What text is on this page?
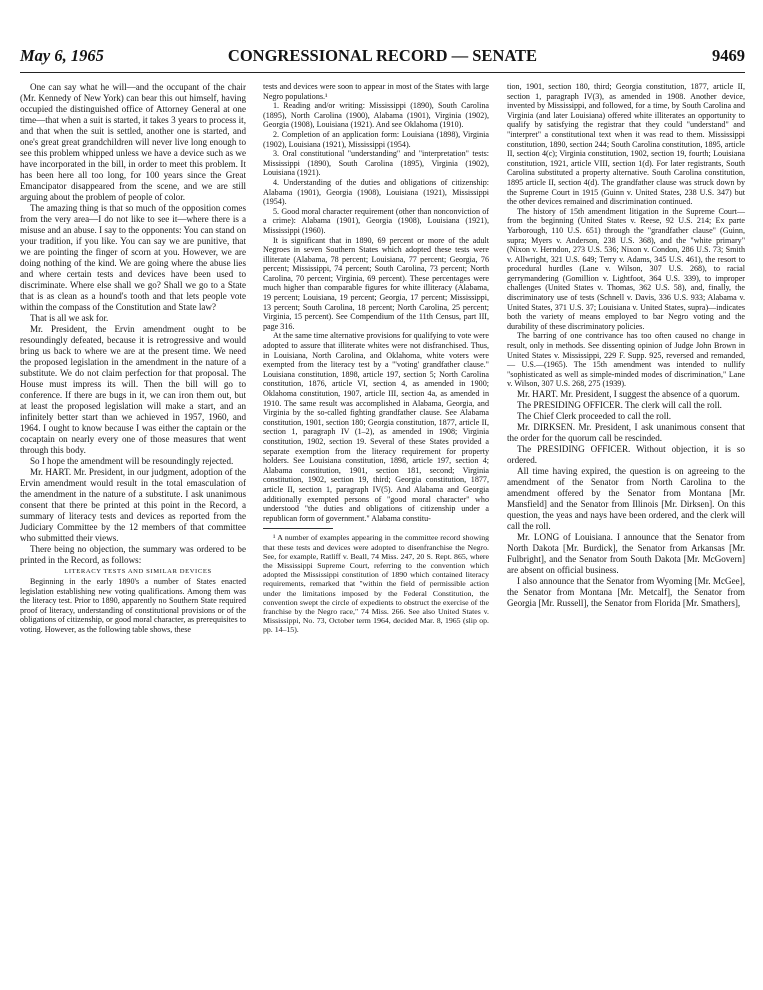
May 6, 1965	CONGRESSIONAL RECORD — SENATE	9469

One can say what he will—and the occupant of the chair (Mr. Kennedy of New York) can bear this out himself, having occupied the distinguished office of Attorney General at one time—that when a suit is started, it takes 3 years to process it, and that when the suit is settled, another one is started, and one's great great grandchildren will never live long enough to see this problem whipped unless we have a device such as we have incorporated in the bill, in order to meet this problem. It has been here all too long, for 100 years since the Great Emancipator disappeared from the scene, and we are still arguing about the problem of people of color.

The amazing thing is that so much of the opposition comes from the very area—I do not like to see it—where there is a misuse and an abuse. I say to the opponents: You can stand on your tradition, if you like. You can say we are punitive, that we are pointing the finger of scorn at you. However, we are doing nothing of the kind. We are going where the abuse lies and where certain tests and devices have been used to discriminate. Where else shall we go? Shall we go to a State that is as clean as a hound's tooth and that lets people vote within the compass of the Constitution and State law?

That is all we ask for.

Mr. President, the Ervin amendment ought to be resoundingly defeated, because it is retrogressive and would bring us back to where we are at the present time. We need the proposed legislation in the amendment in the nature of a substitute. We do not claim perfection for that proposal. The House must impress its will. Then the bill will go to conference. If there are bugs in it, we can iron them out, but at least the proposed legislation will make a start, and an infinitely better start than we achieved in 1957, 1960, and 1964. I ought to know because I was either the captain or the cocaptain on nearly every one of those measures that went through this body.

So I hope the amendment will be resoundingly rejected.

Mr. HART. Mr. President, in our judgment, adoption of the Ervin amendment would result in the total emasculation of the amendment in the nature of a substitute. I ask unanimous consent that there be printed at this point in the Record, a summary of literacy tests and devices as reported from the Judiciary Committee by the 12 members of that committee who submitted their views.

There being no objection, the summary was ordered to be printed in the Record, as follows:

LITERACY TESTS AND SIMILAR DEVICES

Beginning in the early 1890's a number of States enacted legislation establishing new voting qualifications. Among them was the literacy test. Prior to 1890, apparently no Southern State required proof of literacy, understanding of constitutional provisions or of the obligations of citizenship, or good moral character, as prerequisites to voting. However, as the following table shows, these

tests and devices were soon to appear in most of the States with large Negro populations.¹

1. Reading and/or writing: Mississippi (1890), South Carolina (1895), North Carolina (1900), Alabama (1901), Virginia (1902), Georgia (1908), Louisiana (1921). And see Oklahoma (1910).

2. Completion of an application form: Louisiana (1898), Virginia (1902), Louisiana (1921), Mississippi (1954).

3. Oral constitutional "understanding" and "interpretation" tests: Mississippi (1890), South Carolina (1895), Virginia (1902), Louisiana (1921).

4. Understanding of the duties and obligations of citizenship: Alabama (1901), Georgia (1908), Louisiana (1921), Mississippi (1954).

5. Good moral character requirement (other than nonconviction of a crime): Alabama (1901), Georgia (1908), Louisiana (1921), Mississippi (1960).

It is significant that in 1890, 69 percent or more of the adult Negroes in seven Southern States which adopted these tests were illiterate (Alabama, 78 percent; Louisiana, 77 percent; Georgia, 76 percent; Mississippi, 74 percent; South Carolina, 73 percent; North Carolina, 70 percent; Virginia, 69 percent). These percentages were much higher than comparable figures for white illiteracy (Alabama, 19 percent; Louisiana, 19 percent; Georgia, 17 percent; Mississippi, 13 percent; South Carolina, 18 percent; North Carolina, 25 percent; Virginia, 15 percent). See Compendium of the 11th Census, part III, page 316.

At the same time alternative provisions for qualifying to vote were adopted to assure that illiterate whites were not disfranchised. Thus, in Louisiana, North Carolina, and Oklahoma, white voters were exempted from the literacy test by a "'voting' grandfather clause." Louisiana constitution, 1898, article 197, section 5; North Carolina constitution, 1876, article VI, section 4, as amended in 1900; Oklahoma constitution, 1907, article III, section 4a, as amended in 1910. The same result was accomplished in Alabama, Georgia, and Virginia by the so-called fighting grandfather clause. See Alabama constitution, 1901, section 180; Georgia constitution, 1877, article II, section 1, paragraph IV (1–2), as amended in 1908; Virginia constitution, 1902, section 19. Several of these States provided a separate exemption from the literacy requirement for property holders. See Louisiana constitution, 1898, article 197, section 4; Alabama constitution, 1901, section 181, second; Virginia constitution, 1902, section 19, third; Georgia constitution, 1877, article II, section 1, paragraph IV(5). And Alabama and Georgia additionally exempted persons of "good moral character" who understood "the duties and obligations of citizenship under a republican form of government." Alabama constitu-

¹ A number of examples appearing in the committee record showing that these tests and devices were adopted to disenfranchise the Negro. See, for example, Ratliff v. Beall, 74 Miss. 247, 20 S. Rept. 865, where the Mississippi Supreme Court, referring to the convention which adopted the Mississippi constitution of 1890 which contained literacy requirements, remarked that "within the field of permissible action under the limitations imposed by the Federal Constitution, the convention swept the circle of expedients to obstruct the exercise of the franchise by the Negro race," 74 Miss. 266. See also United States v. Mississippi, No. 73, October term 1964, decided Mar. 8, 1965 (slip op. pp. 14–15).

tion, 1901, section 180, third; Georgia constitution, 1877, article II, section 1, paragraph IV(3), as amended in 1908. Another device, invented by Mississippi, and followed, for a time, by South Carolina and Virginia (and later Louisiana) offered white illiterates an opportunity to qualify by satisfying the registrar that they could "understand" and "interpret" a constitutional text when it was read to them. Mississippi constitution, 1890, section 244; South Carolina constitution, 1895, article II, section 4(c); Virginia constitution, 1902, section 19, fourth; Louisiana constitution, 1921, article VIII, section 1(d). For later registrants, South Carolina substituted a property alternative. South Carolina constitution, 1895 article II, section 4(d). The grandfather clause was struck down by the Supreme Court in 1915 (Guinn v. United States, 238 U.S. 347) but the other devices remained and discrimination continued.

The history of 15th amendment litigation in the Supreme Court—from the beginning (United States v. Reese, 92 U.S. 214; Ex parte Yarborough, 110 U.S. 651) through the "grandfather clause" (Guinn, supra; Myers v. Anderson, 238 U.S. 368), and the "white primary" (Nixon v. Herndon, 273 U.S. 536; Nixon v. Condon, 286 U.S. 73; Smith v. Allwright, 321 U.S. 649; Terry v. Adams, 345 U.S. 461), the resort to procedural hurdles (Lane v. Wilson, 307 U.S. 268), to racial gerrymandering (Gomillion v. Lightfoot, 364 U.S. 339), to improper challenges (United States v. Thomas, 362 U.S. 58), and, finally, the discriminatory use of tests (Schnell v. Davis, 336 U.S. 933; Alabama v. United States, 371 U.S. 37; Louisiana v. United States, supra)—indicates both the variety of means employed to bar Negro voting and the durability of these discriminatory policies.

The barring of one contrivance has too often caused no change in result, only in methods. See dissenting opinion of Judge John Brown in United States v. Mississippi, 229 F. Supp. 925, reversed and remanded,— U.S.—(1965). The 15th amendment was intended to nullify "sophisticated as well as simple-minded modes of discrimination," Lane v. Wilson, 307 U.S. 268, 275 (1939).

Mr. HART. Mr. President, I suggest the absence of a quorum.

The PRESIDING OFFICER. The clerk will call the roll.

The Chief Clerk proceeded to call the roll.

Mr. DIRKSEN. Mr. President, I ask unanimous consent that the order for the quorum call be rescinded.

The PRESIDING OFFICER. Without objection, it is so ordered.

All time having expired, the question is on agreeing to the amendment of the Senator from North Carolina to the amendment offered by the Senator from Montana [Mr. Mansfield] and the Senator from Illinois [Mr. Dirksen]. On this question, the yeas and nays have been ordered, and the clerk will call the roll.

Mr. LONG of Louisiana. I announce that the Senator from North Dakota [Mr. Burdick], the Senator from Arkansas [Mr. Fulbright], and the Senator from South Dakota [Mr. McGovern] are absent on official business.

I also announce that the Senator from Wyoming [Mr. McGee], the Senator from Montana [Mr. Metcalf], the Senator from Georgia [Mr. Russell], the Senator from Florida [Mr. Smathers],
